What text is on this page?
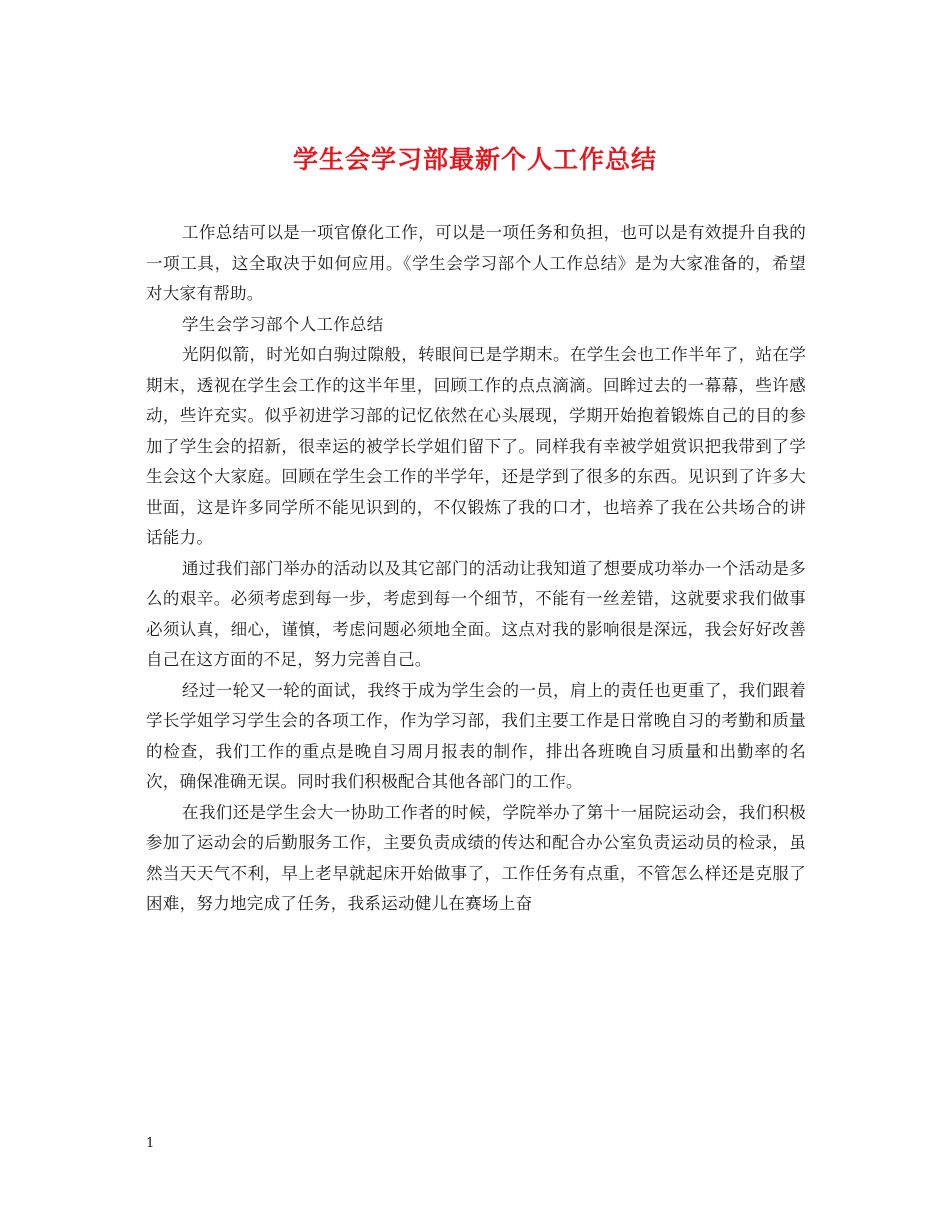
学生会学习部最新个人工作总结

工作总结可以是一项官僚化工作，可以是一项任务和负担，也可以是有效提升自我的一项工具，这全取决于如何应用。《学生会学习部个人工作总结》是为大家准备的，希望对大家有帮助。

学生会学习部个人工作总结

光阴似箭，时光如白驹过隙般，转眼间已是学期末。在学生会也工作半年了，站在学期末，透视在学生会工作的这半年里，回顾工作的点点滴滴。回眸过去的一幕幕，些许感动，些许充实。似乎初进学习部的记忆依然在心头展现，学期开始抱着锻炼自己的目的参加了学生会的招新，很幸运的被学长学姐们留下了。同样我有幸被学姐赏识把我带到了学生会这个大家庭。回顾在学生会工作的半学年，还是学到了很多的东西。见识到了许多大世面，这是许多同学所不能见识到的，不仅锻炼了我的口才，也培养了我在公共场合的讲话能力。

通过我们部门举办的活动以及其它部门的活动让我知道了想要成功举办一个活动是多么的艰辛。必须考虑到每一步，考虑到每一个细节，不能有一丝差错，这就要求我们做事必须认真，细心，谨慎，考虑问题必须地全面。这点对我的影响很是深远，我会好好改善自己在这方面的不足，努力完善自己。

经过一轮又一轮的面试，我终于成为学生会的一员，肩上的责任也更重了，我们跟着学长学姐学习学生会的各项工作，作为学习部，我们主要工作是日常晚自习的考勤和质量的检查，我们工作的重点是晚自习周月报表的制作，排出各班晚自习质量和出勤率的名次，确保准确无误。同时我们积极配合其他各部门的工作。

在我们还是学生会大一协助工作者的时候，学院举办了第十一届院运动会，我们积极参加了运动会的后勤服务工作，主要负责成绩的传达和配合办公室负责运动员的检录，虽然当天天气不利，早上老早就起床开始做事了，工作任务有点重，不管怎么样还是克服了困难，努力地完成了任务，我系运动健儿在赛场上奋

1
